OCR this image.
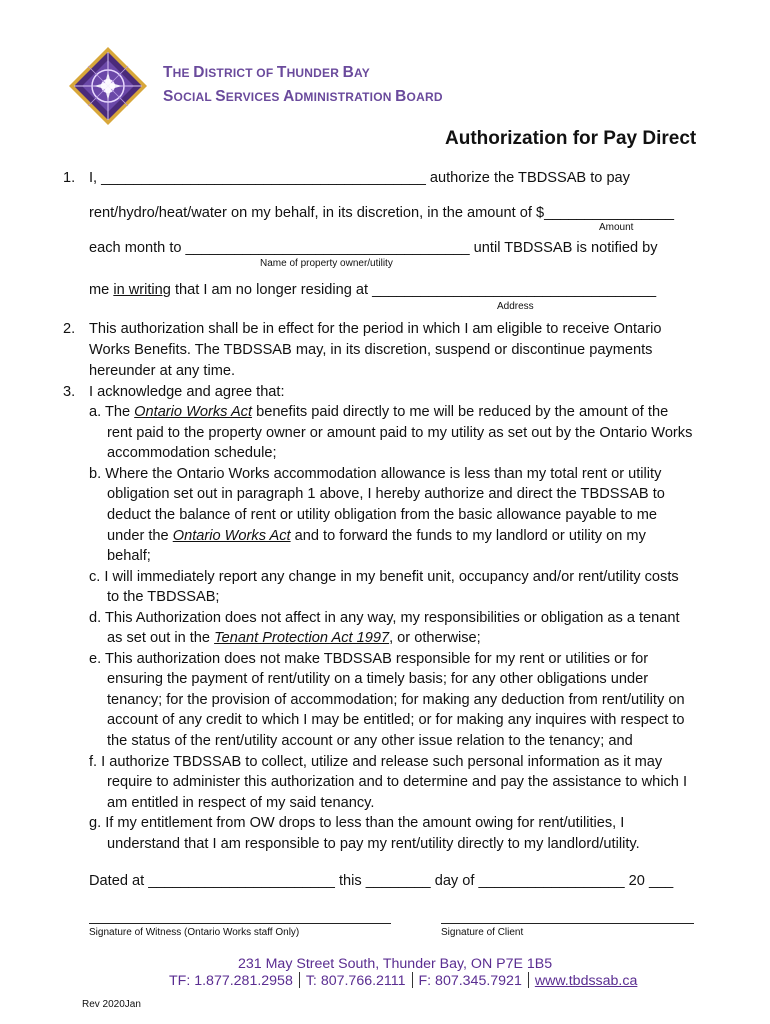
THE DISTRICT OF THUNDER BAY
SOCIAL SERVICES ADMINISTRATION BOARD
Authorization for Pay Direct
1. I, ________________________________________ authorize the TBDSSAB to pay
rent/hydro/heat/water on my behalf, in its discretion, in the amount of $________________
Amount
each month to ___________________________________ until TBDSSAB is notified by
Name of property owner/utility
me in writing that I am no longer residing at ___________________________________
Address
2. This authorization shall be in effect for the period in which I am eligible to receive Ontario
Works Benefits. The TBDSSAB may, in its discretion, suspend or discontinue payments
hereunder at any time.
3. I acknowledge and agree that:
a. The Ontario Works Act benefits paid directly to me will be reduced by the amount of the
rent paid to the property owner or amount paid to my utility as set out by the Ontario Works
accommodation schedule;
b. Where the Ontario Works accommodation allowance is less than my total rent or utility
obligation set out in paragraph 1 above, I hereby authorize and direct the TBDSSAB to
deduct the balance of rent or utility obligation from the basic allowance payable to me
under the Ontario Works Act and to forward the funds to my landlord or utility on my
behalf;
c. I will immediately report any change in my benefit unit, occupancy and/or rent/utility costs
to the TBDSSAB;
d. This Authorization does not affect in any way, my responsibilities or obligation as a tenant
as set out in the Tenant Protection Act 1997, or otherwise;
e. This authorization does not make TBDSSAB responsible for my rent or utilities or for
ensuring the payment of rent/utility on a timely basis; for any other obligations under
tenancy; for the provision of accommodation; for making any deduction from rent/utility on
account of any credit to which I may be entitled; or for making any inquires with respect to
the status of the rent/utility account or any other issue relation to the tenancy; and
f. I authorize TBDSSAB to collect, utilize and release such personal information as it may
require to administer this authorization and to determine and pay the assistance to which I
am entitled in respect of my said tenancy.
g. If my entitlement from OW drops to less than the amount owing for rent/utilities, I
understand that I am responsible to pay my rent/utility directly to my landlord/utility.
Dated at _______________________ this ________ day of __________________ 20 ___
Signature of Witness (Ontario Works staff Only)	Signature of Client
231 May Street South, Thunder Bay, ON P7E 1B5
TF: 1.877.281.2958 T: 807.766.2111 F: 807.345.7921 www.tbdssab.ca
Rev 2020Jan
